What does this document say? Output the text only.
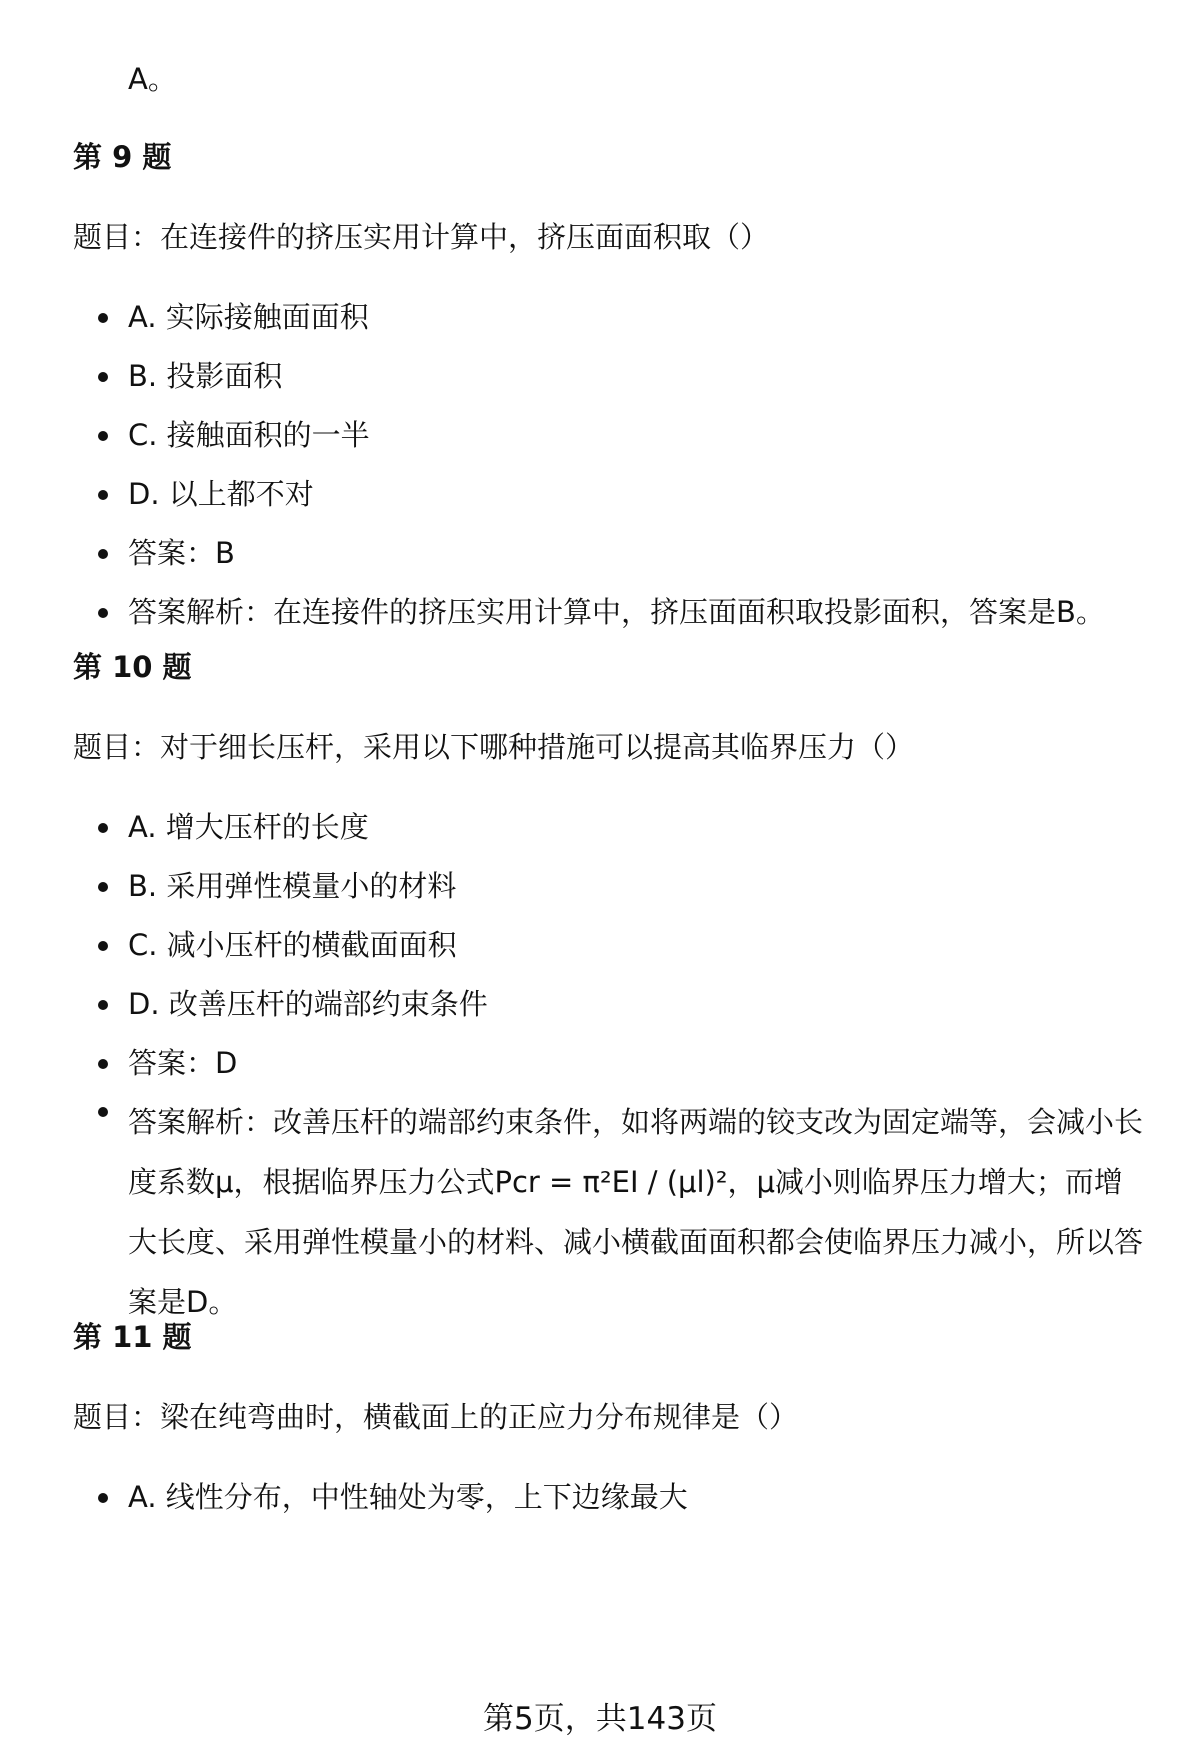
A。
第 9 题
题目：在连接件的挤压实用计算中，挤压面面积取（）
A. 实际接触面面积
B. 投影面积
C. 接触面积的一半
D. 以上都不对
答案：B
答案解析：在连接件的挤压实用计算中，挤压面面积取投影面积，答案是B。
第 10 题
题目：对于细长压杆，采用以下哪种措施可以提高其临界压力（）
A. 增大压杆的长度
B. 采用弹性模量小的材料
C. 减小压杆的横截面面积
D. 改善压杆的端部约束条件
答案：D
答案解析：改善压杆的端部约束条件，如将两端的铰支改为固定端等，会减小长度系数μ，根据临界压力公式Pcr = π²EI / (μl)²，μ减小则临界压力增大；而增大长度、采用弹性模量小的材料、减小横截面面积都会使临界压力减小，所以答案是D。
第 11 题
题目：梁在纯弯曲时，横截面上的正应力分布规律是（）
A. 线性分布，中性轴处为零，上下边缘最大
第5页，共143页
